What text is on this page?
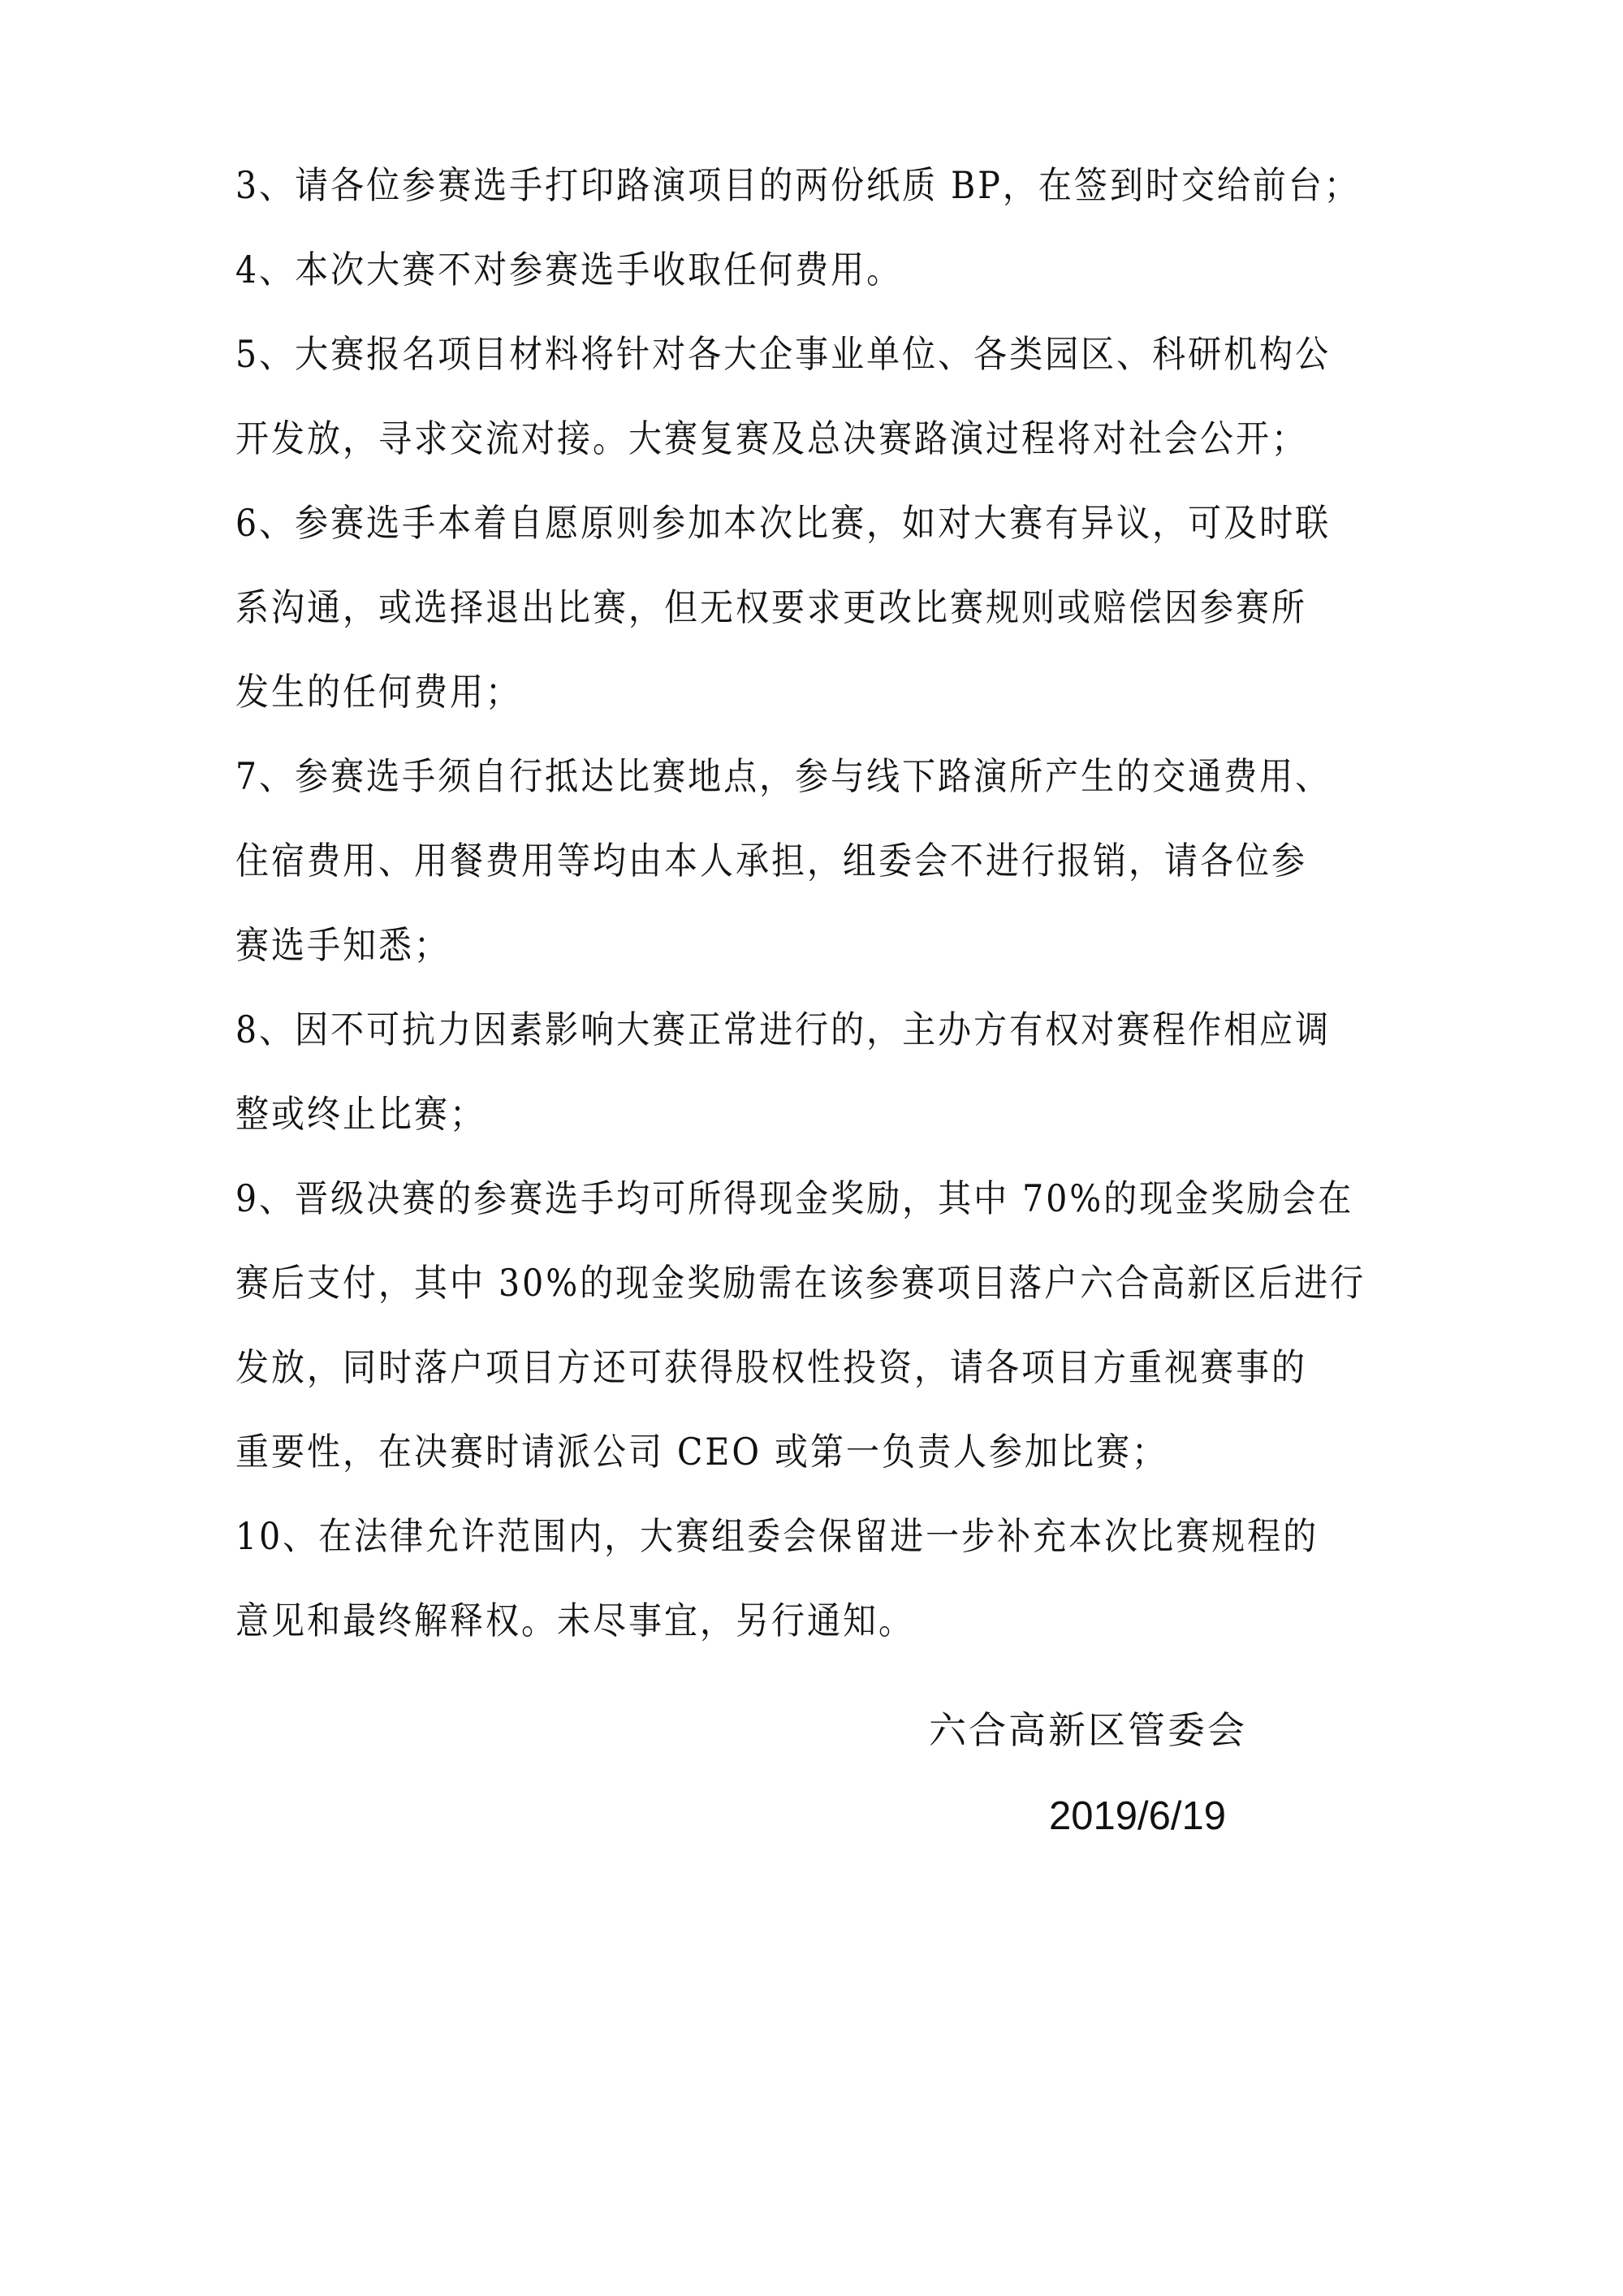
3、请各位参赛选手打印路演项目的两份纸质 BP，在签到时交给前台；
4、本次大赛不对参赛选手收取任何费用。
5、大赛报名项目材料将针对各大企事业单位、各类园区、科研机构公
开发放，寻求交流对接。大赛复赛及总决赛路演过程将对社会公开；
6、参赛选手本着自愿原则参加本次比赛，如对大赛有异议，可及时联
系沟通，或选择退出比赛，但无权要求更改比赛规则或赔偿因参赛所
发生的任何费用；
7、参赛选手须自行抵达比赛地点，参与线下路演所产生的交通费用、
住宿费用、用餐费用等均由本人承担，组委会不进行报销，请各位参
赛选手知悉；
8、因不可抗力因素影响大赛正常进行的，主办方有权对赛程作相应调
整或终止比赛；
9、晋级决赛的参赛选手均可所得现金奖励，其中 70%的现金奖励会在
赛后支付，其中 30%的现金奖励需在该参赛项目落户六合高新区后进行
发放，同时落户项目方还可获得股权性投资，请各项目方重视赛事的
重要性，在决赛时请派公司 CEO 或第一负责人参加比赛；
10、在法律允许范围内，大赛组委会保留进一步补充本次比赛规程的
意见和最终解释权。未尽事宜，另行通知。
六合高新区管委会
2019/6/19
